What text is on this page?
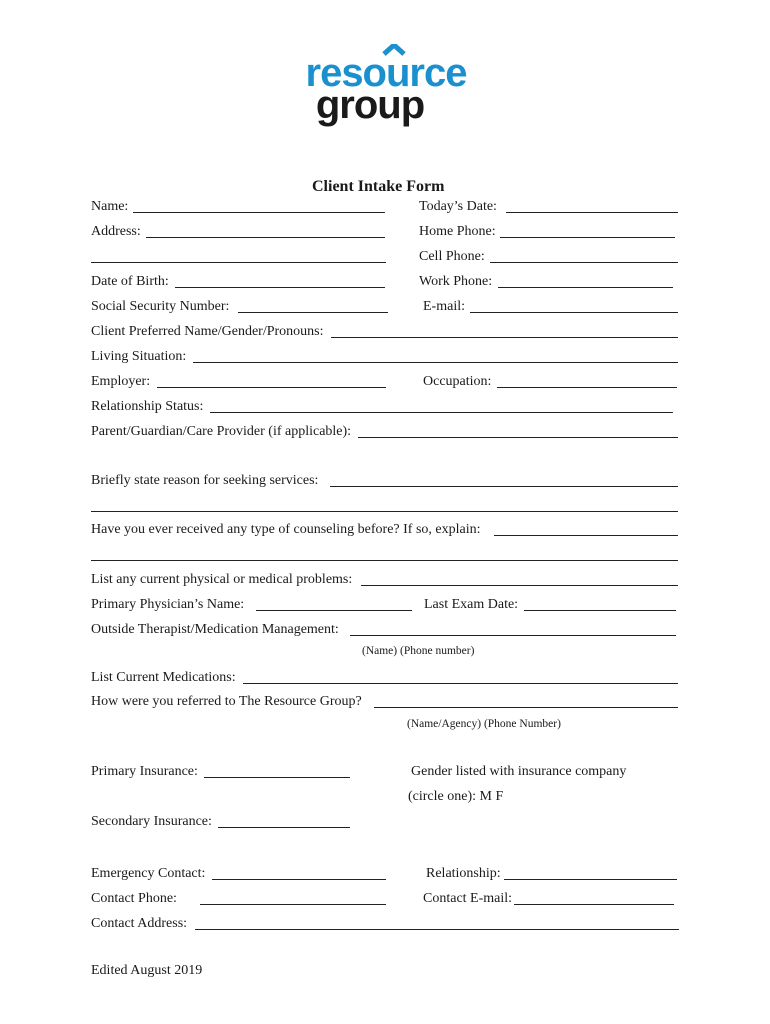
resource
group
Client Intake Form
Name:	Today’s Date:
Address:	Home Phone:
Cell Phone:
Date of Birth:	Work Phone:
Social Security Number:	E-mail:
Client Preferred Name/Gender/Pronouns:
Living Situation:
Employer:	Occupation:
Relationship Status:
Parent/Guardian/Care Provider (if applicable):
Briefly state reason for seeking services:
Have you ever received any type of counseling before? If so, explain:
List any current physical or medical problems:
Primary Physician’s Name:	Last Exam Date:
Outside Therapist/Medication Management:
(Name) (Phone number)
List Current Medications:
How were you referred to The Resource Group?
(Name/Agency) (Phone Number)
Primary Insurance:	Gender listed with insurance company
(circle one): M F
Secondary Insurance:
Emergency Contact:	Relationship:
Contact Phone:	Contact E-mail:
Contact Address:
Edited August 2019
